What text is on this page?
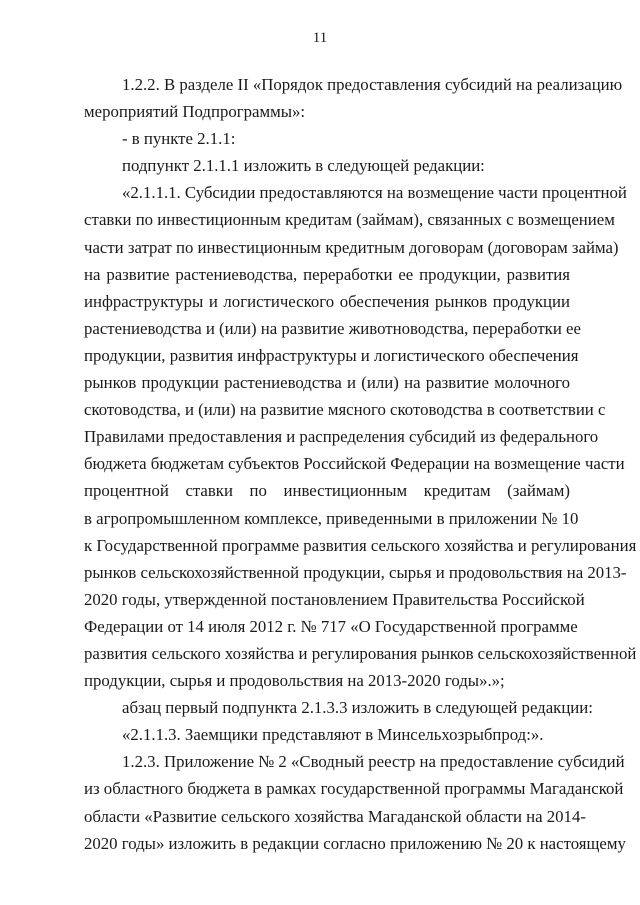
11
1.2.2. В разделе II «Порядок предоставления субсидий на реализацию
мероприятий Подпрограммы»:
- в пункте 2.1.1:
подпункт 2.1.1.1 изложить в следующей редакции:
«2.1.1.1. Субсидии предоставляются на возмещение части процентной
ставки по инвестиционным кредитам (займам), связанных с возмещением
части затрат по инвестиционным кредитным договорам (договорам займа)
на развитие растениеводства, переработки ее продукции, развития
инфраструктуры и логистического обеспечения рынков продукции
растениеводства и (или) на развитие животноводства, переработки ее
продукции, развития инфраструктуры и логистического обеспечения
рынков продукции растениеводства и (или) на развитие молочного
скотоводства, и (или) на развитие мясного скотоводства в соответствии с
Правилами предоставления и распределения субсидий из федерального
бюджета бюджетам субъектов Российской Федерации на возмещение части
процентной ставки по инвестиционным кредитам (займам)
в агропромышленном комплексе, приведенными в приложении № 10
к Государственной программе развития сельского хозяйства и регулирования
рынков сельскохозяйственной продукции, сырья и продовольствия на 2013-
2020 годы, утвержденной постановлением Правительства Российской
Федерации от 14 июля 2012 г. № 717 «О Государственной программе
развития сельского хозяйства и регулирования рынков сельскохозяйственной
продукции, сырья и продовольствия на 2013-2020 годы».»;
абзац первый подпункта 2.1.3.3 изложить в следующей редакции:
«2.1.1.3. Заемщики представляют в Минсельхозрыбпрод:».
1.2.3. Приложение № 2 «Сводный реестр на предоставление субсидий
из областного бюджета в рамках государственной программы Магаданской
области «Развитие сельского хозяйства Магаданской области на 2014-
2020 годы» изложить в редакции согласно приложению № 20 к настоящему
